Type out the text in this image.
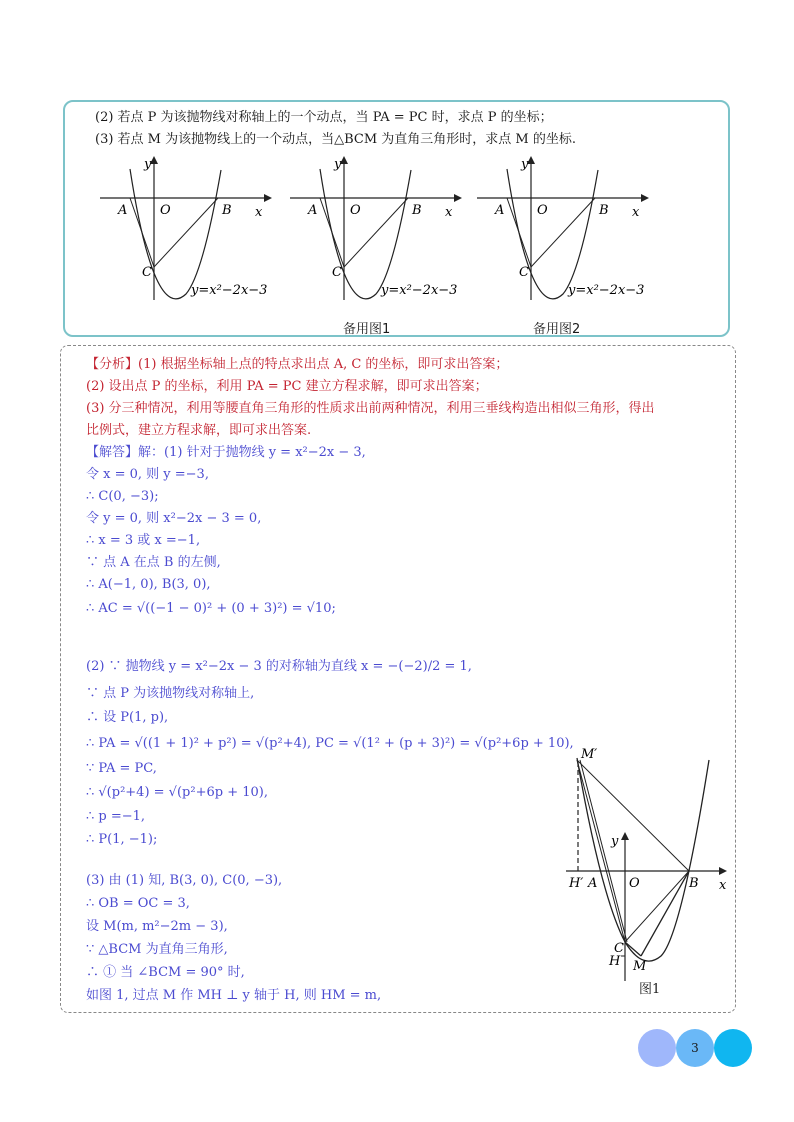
(2) 若点 P 为该抛物线对称轴上的一个动点，当 PA = PC 时，求点 P 的坐标；
(3) 若点 M 为该抛物线上的一个动点，当△BCM 为直角三角形时，求点 M 的坐标.
y
A	O	B x
C
y=x²−2x−3
y
A	O	B x
C
y=x²−2x−3
备用图1
y
A	O	B x
C
y=x²−2x−3
备用图2
【分析】(1) 根据坐标轴上点的特点求出点 A, C 的坐标，即可求出答案；
(2) 设出点 P 的坐标，利用 PA = PC 建立方程求解，即可求出答案；
(3) 分三种情况，利用等腰直角三角形的性质求出前两种情况，利用三垂线构造出相似三角形，得出
比例式，建立方程求解，即可求出答案.
【解答】解：(1) 针对于抛物线 y = x²−2x − 3,
令 x = 0, 则 y =−3,
∴ C(0, −3);
令 y = 0, 则 x²−2x − 3 = 0,
∴ x = 3 或 x =−1,
∵ 点 A 在点 B 的左侧,
∴ A(−1, 0), B(3, 0),
∴ AC = √((−1 − 0)² + (0 + 3)²) = √10;
(2) ∵ 抛物线 y = x²−2x − 3 的对称轴为直线 x = −(−2)/2 = 1,
∵ 点 P 为该抛物线对称轴上,
∴ 设 P(1, p),
∴ PA = √((1 + 1)² + p²) = √(p²+4), PC = √(1² + (p + 3)²) = √(p²+6p + 10),
∵ PA = PC,
∴ √(p²+4) = √(p²+6p + 10),
∴ p =−1,
∴ P(1, −1);
(3) 由 (1) 知, B(3, 0), C(0, −3),
∴ OB = OC = 3,
设 M(m, m²−2m − 3),
∵ △BCM 为直角三角形,
∴ ① 当 ∠BCM = 90° 时,
如图 1, 过点 M 作 MH ⊥ y 轴于 H, 则 HM = m,
M′
y
H′ A O	B x
C
H M
图1
3
